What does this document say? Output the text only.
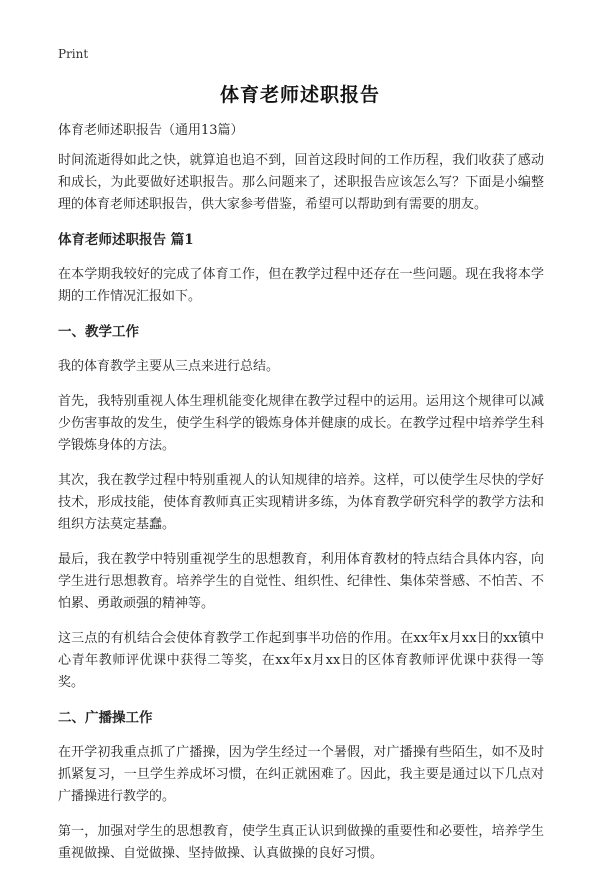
Print
体育老师述职报告

体育老师述职报告（通用13篇）

时间流逝得如此之快，就算追也追不到，回首这段时间的工作历程，我们收获了感动和成长，为此要做好述职报告。那么问题来了，述职报告应该怎么写？下面是小编整理的体育老师述职报告，供大家参考借鉴，希望可以帮助到有需要的朋友。

体育老师述职报告 篇1

在本学期我较好的完成了体育工作，但在教学过程中还存在一些问题。现在我将本学期的工作情况汇报如下。

一、教学工作

我的体育教学主要从三点来进行总结。

首先，我特别重视人体生理机能变化规律在教学过程中的运用。运用这个规律可以减少伤害事故的发生，使学生科学的锻炼身体并健康的成长。在教学过程中培养学生科学锻炼身体的方法。

其次，我在教学过程中特别重视人的认知规律的培养。这样，可以使学生尽快的学好技术，形成技能，使体育教师真正实现精讲多练，为体育教学研究科学的教学方法和组织方法莫定基蠢。

最后，我在教学中特别重视学生的思想教育，利用体育教材的特点结合具体内容，向学生进行思想教育。培养学生的自觉性、组织性、纪律性、集体荣誉感、不怕苦、不怕累、勇敢顽强的精神等。

这三点的有机结合会使体育教学工作起到事半功倍的作用。在xx年x月xx日的xx镇中心青年教师评优课中获得二等奖，在xx年x月xx日的区体育教师评优课中获得一等奖。

二、广播操工作

在开学初我重点抓了广播操，因为学生经过一个暑假，对广播操有些陌生，如不及时抓紧复习，一旦学生养成坏习惯，在纠正就困难了。因此，我主要是通过以下几点对广播操进行教学的。

第一，加强对学生的思想教育，使学生真正认识到做操的重要性和必要性，培养学生重视做操、自觉做操、坚持做操、认真做操的良好习惯。
